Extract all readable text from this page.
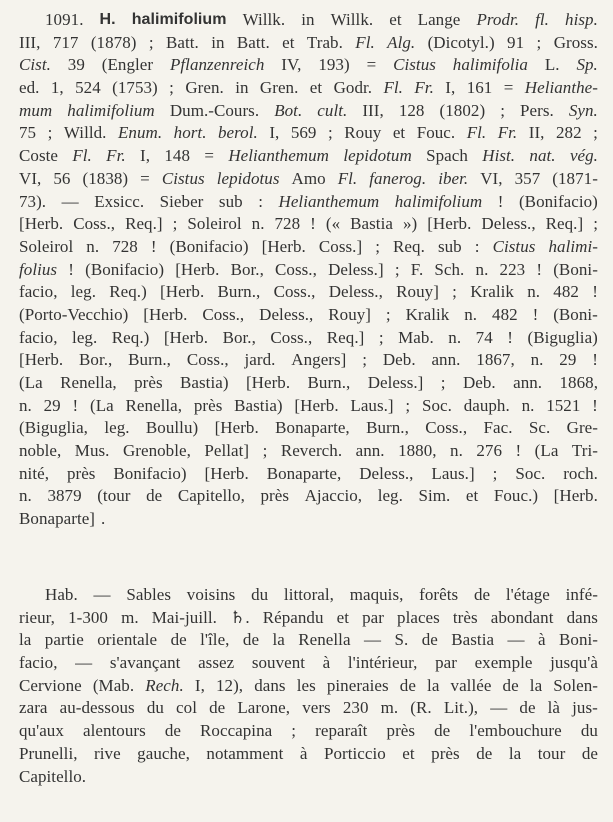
1091. H. halimifolium Willk. in Willk. et Lange Prodr. fl. hisp.
III, 717 (1878) ; Batt. in Batt. et Trab. Fl. Alg. (Dicotyl.) 91 ; Gross.
Cist. 39 (Engler Pflanzenreich IV, 193) = Cistus halimifolia L. Sp.
ed. 1, 524 (1753) ; Gren. in Gren. et Godr. Fl. Fr. I, 161 = Helianthe-
mum halimifolium Dum.-Cours. Bot. cult. III, 128 (1802) ; Pers. Syn.
75 ; Willd. Enum. hort. berol. I, 569 ; Rouy et Fouc. Fl. Fr. II, 282 ;
Coste Fl. Fr. I, 148 = Helianthemum lepidotum Spach Hist. nat. vég.
VI, 56 (1838) = Cistus lepidotus Amo Fl. fanerog. iber. VI, 357 (1871-
73). — Exsicc. Sieber sub : Helianthemum halimifolium ! (Bonifacio)
[Herb. Coss., Req.] ; Soleirol n. 728 ! (« Bastia ») [Herb. Deless., Req.] ;
Soleirol n. 728 ! (Bonifacio) [Herb. Coss.] ; Req. sub : Cistus halimi-
folius ! (Bonifacio) [Herb. Bor., Coss., Deless.] ; F. Sch. n. 223 ! (Boni-
facio, leg. Req.) [Herb. Burn., Coss., Deless., Rouy] ; Kralik n. 482 !
(Porto-Vecchio) [Herb. Coss., Deless., Rouy] ; Kralik n. 482 ! (Boni-
facio, leg. Req.) [Herb. Bor., Coss., Req.] ; Mab. n. 74 ! (Biguglia)
[Herb. Bor., Burn., Coss., jard. Angers] ; Deb. ann. 1867, n. 29 !
(La Renella, près Bastia) [Herb. Burn., Deless.] ; Deb. ann. 1868,
n. 29 ! (La Renella, près Bastia) [Herb. Laus.] ; Soc. dauph. n. 1521 !
(Biguglia, leg. Boullu) [Herb. Bonaparte, Burn., Coss., Fac. Sc. Gre-
noble, Mus. Grenoble, Pellat] ; Reverch. ann. 1880, n. 276 ! (La Tri-
nité, près Bonifacio) [Herb. Bonaparte, Deless., Laus.] ; Soc. roch.
n. 3879 (tour de Capitello, près Ajaccio, leg. Sim. et Fouc.) [Herb.
Bonaparte] .
Hab. — Sables voisins du littoral, maquis, forêts de l'étage infé-
rieur, 1-300 m. Mai-juill. ♄. Répandu et par places très abondant dans
la partie orientale de l'île, de la Renella — S. de Bastia — à Boni-
facio, — s'avançant assez souvent à l'intérieur, par exemple jusqu'à
Cervione (Mab. Rech. I, 12), dans les pineraies de la vallée de la Solen-
zara au-dessous du col de Larone, vers 230 m. (R. Lit.), — de là jus-
qu'aux alentours de Roccapina ; reparaît près de l'embouchure du
Prunelli, rive gauche, notamment à Porticcio et près de la tour de
Capitello.
